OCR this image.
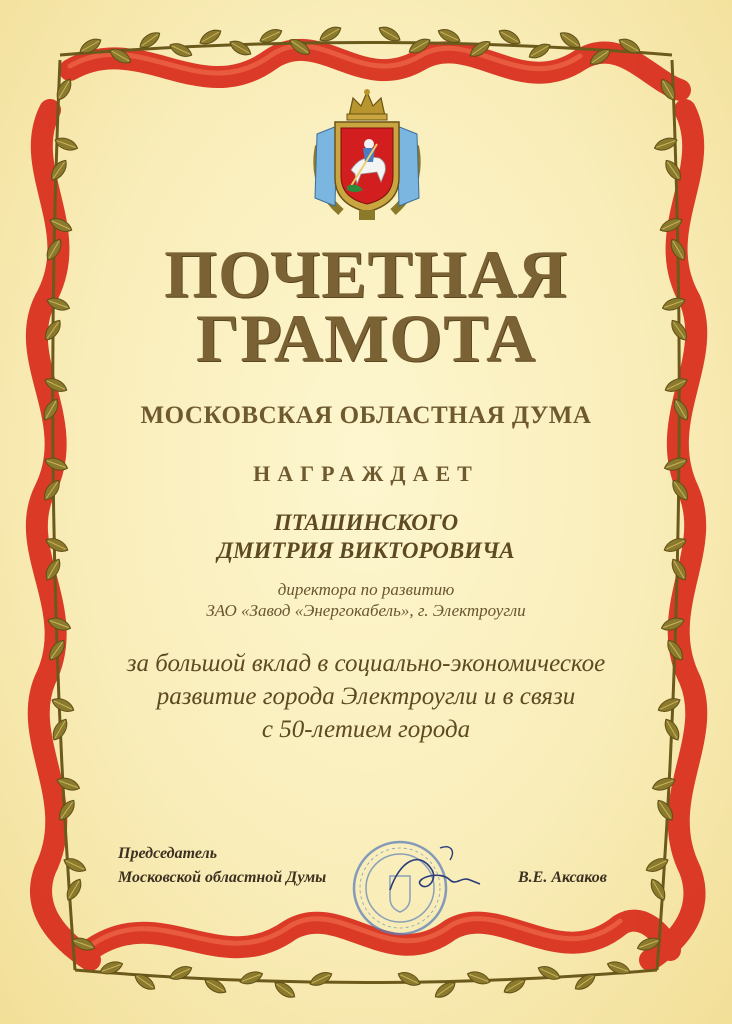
ПОЧЕТНАЯ
ГРАМОТА
МОСКОВСКАЯ ОБЛАСТНАЯ ДУМА
НАГРАЖДАЕТ
ПТАШИНСКОГО
ДМИТРИЯ ВИКТОРОВИЧА
директора по развитию
ЗАО «Завод «Энергокабель», г. Электроугли
за большой вклад в социально-экономическое
развитие города Электроугли и в связи
с 50-летием города
Председатель
Московской областной Думы	В.Е. Аксаков
